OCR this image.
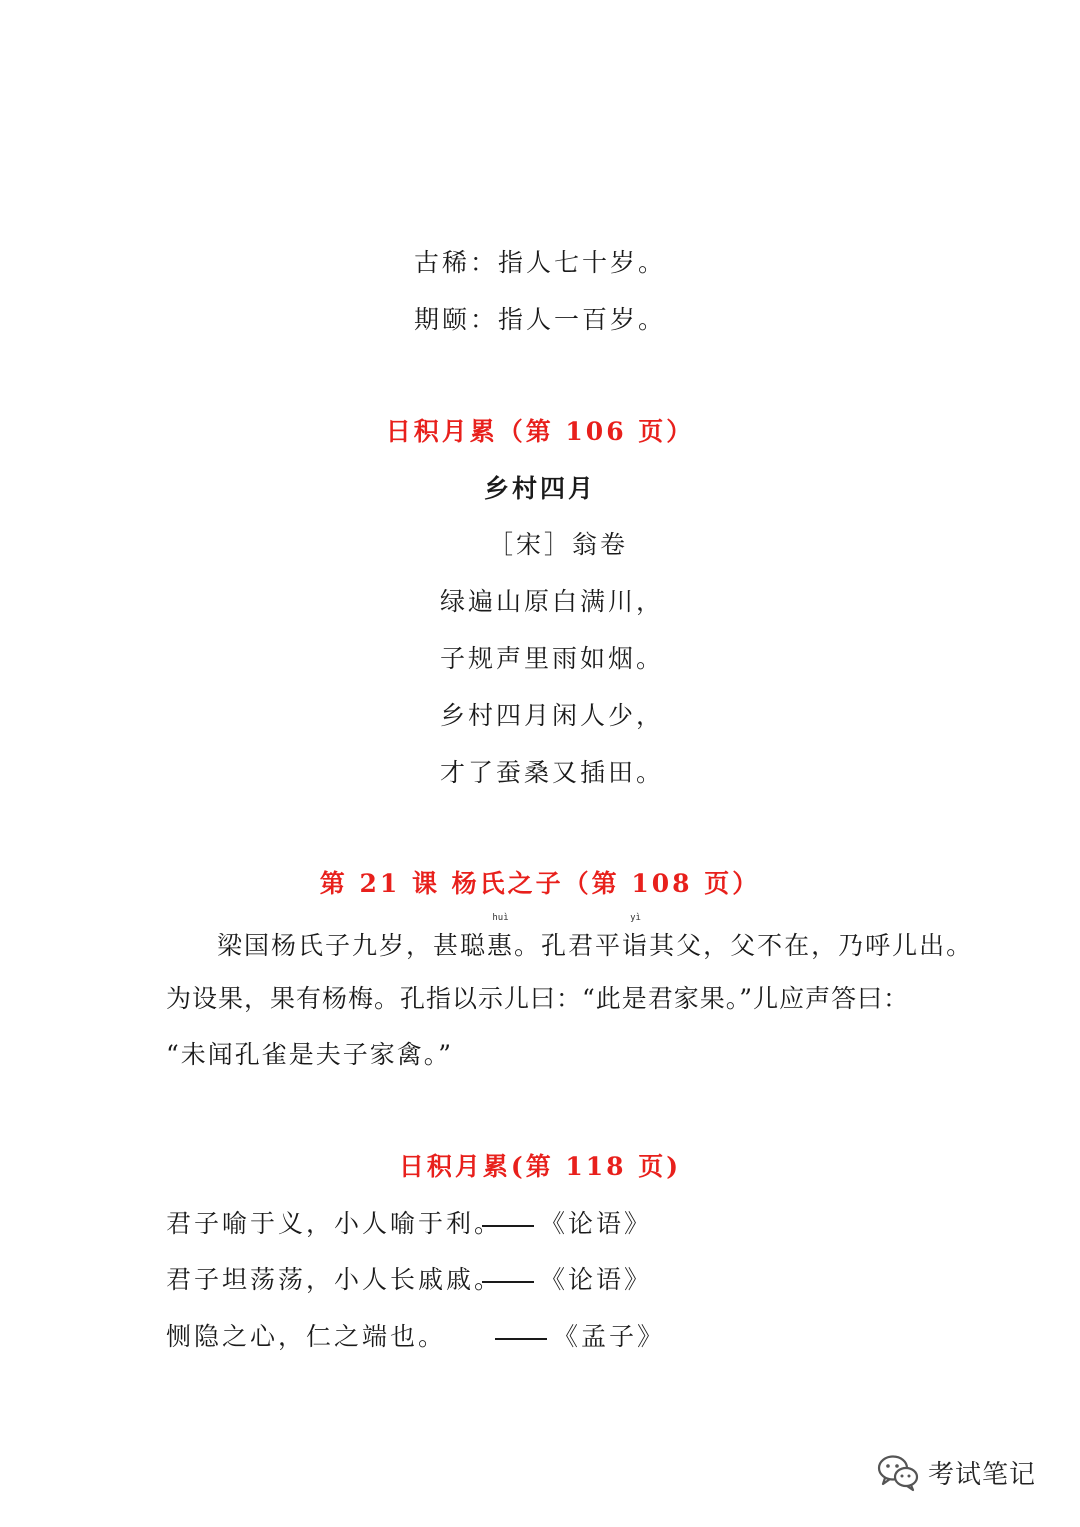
古稀：指人七十岁。
期颐：指人一百岁。
日积月累（第 106 页）
乡村四月
［宋］翁卷
绿遍山原白满川，
子规声里雨如烟。
乡村四月闲人少，
才了蚕桑又插田。
第 21 课 杨氏之子（第 108 页）
梁国杨氏子九岁，甚聪
huì
惠。孔君平
yì
诣其父，父不在，乃呼儿出。
为设果，果有杨梅。孔指以示儿曰：“此是君家果。”儿应声答曰：
“未闻孔雀是夫子家禽。”
日积月累(第 118 页)
君子喻于义，小人喻于利。	《论语》
君子坦荡荡，小人长戚戚。	《论语》
恻隐之心，仁之端也。	《孟子》
考试笔记
